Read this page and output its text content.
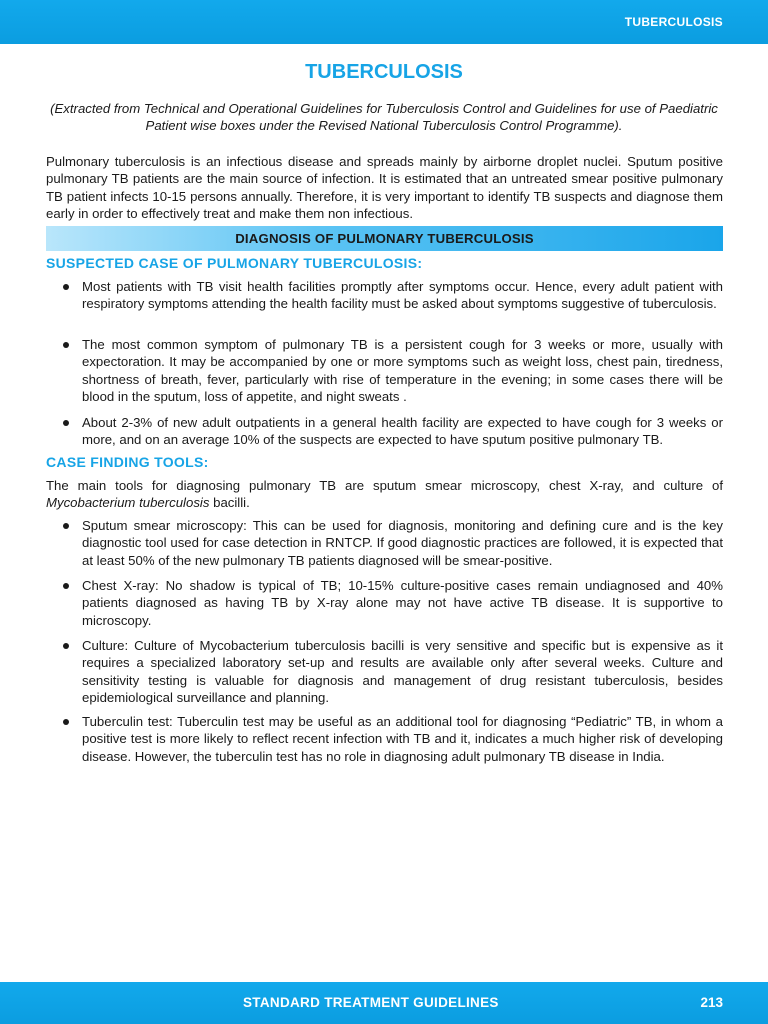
TUBERCULOSIS
TUBERCULOSIS
(Extracted from Technical and Operational Guidelines for Tuberculosis Control and Guidelines for use of Paediatric Patient wise boxes under the Revised National Tuberculosis Control Programme).
Pulmonary tuberculosis is an infectious disease and spreads mainly by airborne droplet nuclei. Sputum positive pulmonary TB patients are the main source of infection. It is estimated that an untreated smear positive pulmonary TB patient infects 10-15 persons annually. Therefore, it is very important to identify TB suspects and diagnose them early in order to effectively treat and make them non infectious.
DIAGNOSIS OF PULMONARY TUBERCULOSIS
SUSPECTED CASE OF PULMONARY TUBERCULOSIS:
Most patients with TB visit health facilities promptly after symptoms occur. Hence, every adult patient with respiratory symptoms attending the health facility must be asked about symptoms suggestive of tuberculosis.
The most common symptom of pulmonary TB is a persistent cough for 3 weeks or more, usually with expectoration. It may be accompanied by one or more symptoms such as weight loss, chest pain, tiredness, shortness of breath, fever, particularly with rise of temperature in the evening; in some cases there will be blood in the sputum, loss of appetite, and night sweats .
About 2-3% of new adult outpatients in a general health facility are expected to have cough for 3 weeks or more, and on an average 10% of the suspects are expected to have sputum positive pulmonary TB.
CASE FINDING TOOLS:
The main tools for diagnosing pulmonary TB are sputum smear microscopy, chest X-ray, and culture of Mycobacterium tuberculosis bacilli.
Sputum smear microscopy: This can be used for diagnosis, monitoring and defining cure and is the key diagnostic tool used for case detection in RNTCP. If good diagnostic practices are followed, it is expected that at least 50% of the new pulmonary TB patients diagnosed will be smear-positive.
Chest X-ray: No shadow is typical of TB; 10-15% culture-positive cases remain undiagnosed and 40% patients diagnosed as having TB by X-ray alone may not have active TB disease. It is supportive to microscopy.
Culture: Culture of Mycobacterium tuberculosis bacilli is very sensitive and specific but is expensive as it requires a specialized laboratory set-up and results are available only after several weeks. Culture and sensitivity testing is valuable for diagnosis and management of drug resistant tuberculosis, besides epidemiological surveillance and planning.
Tuberculin test: Tuberculin test may be useful as an additional tool for diagnosing “Pediatric” TB, in whom a positive test is more likely to reflect recent infection with TB and it, indicates a much higher risk of developing disease. However, the tuberculin test has no role in diagnosing adult pulmonary TB disease in India.
STANDARD TREATMENT GUIDELINES	213
